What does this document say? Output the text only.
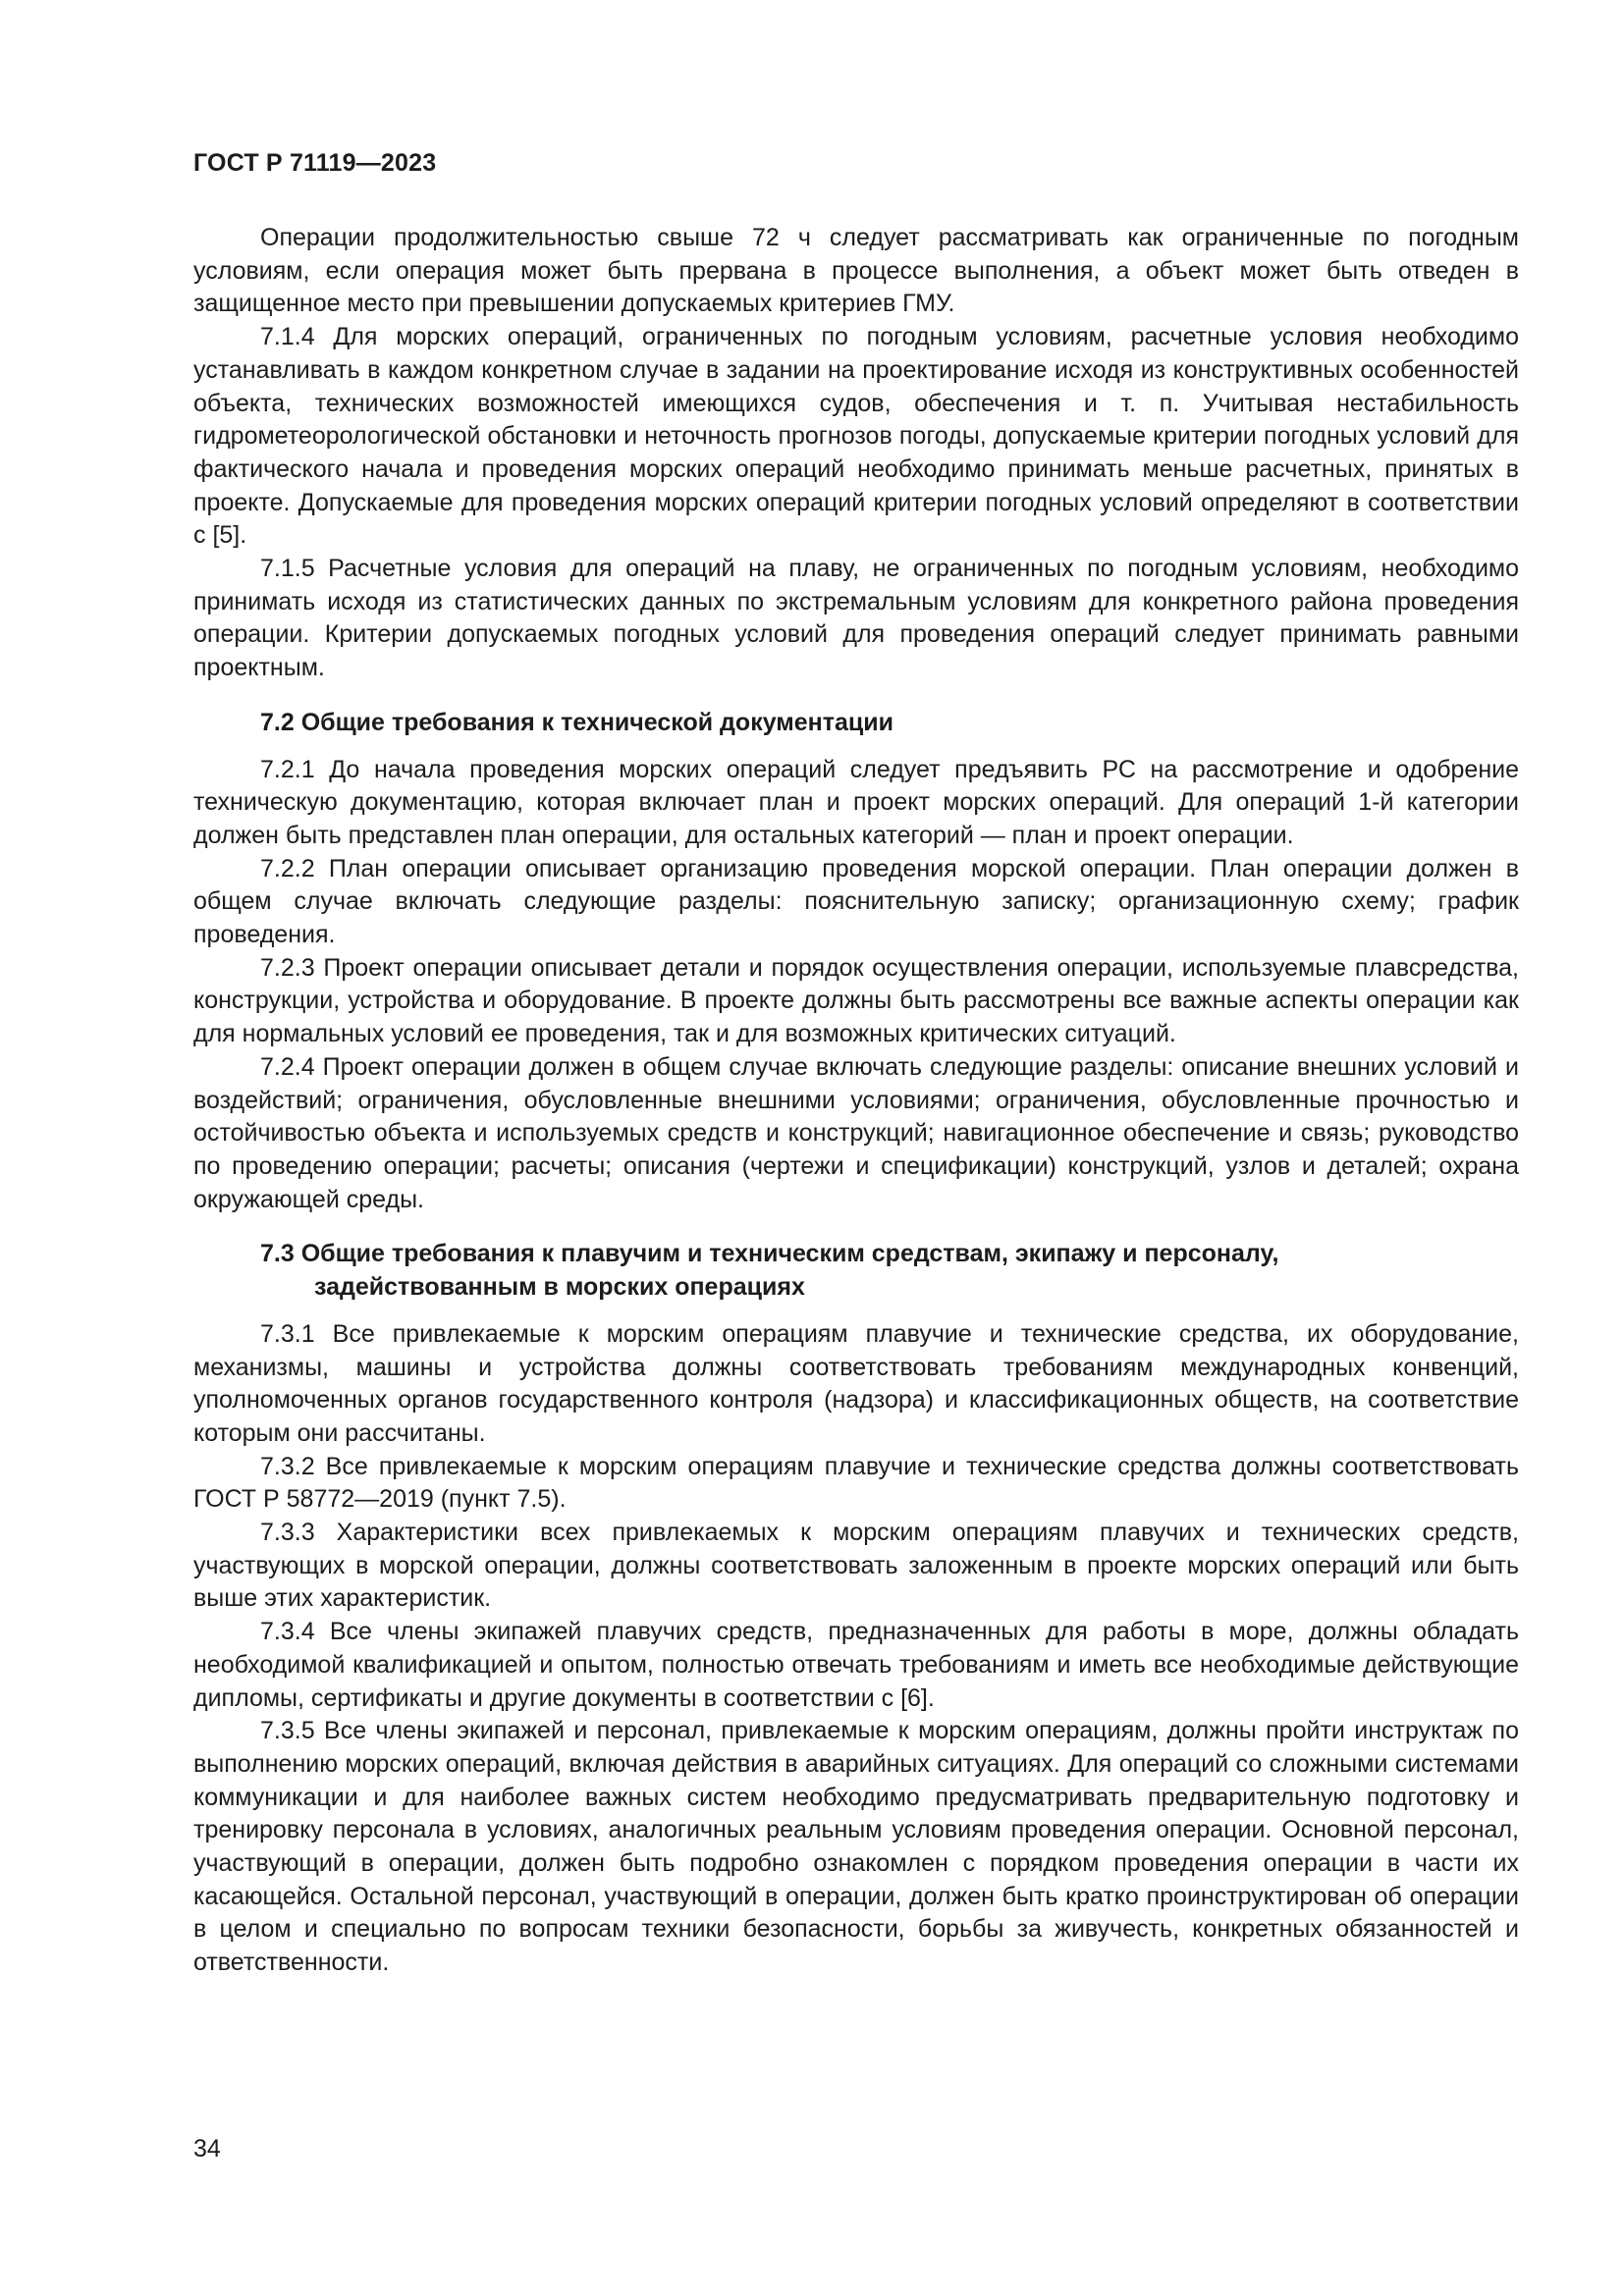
ГОСТ Р 71119—2023

Операции продолжительностью свыше 72 ч следует рассматривать как ограниченные по погодным условиям, если операция может быть прервана в процессе выполнения, а объект может быть отведен в защищенное место при превышении допускаемых критериев ГМУ.

7.1.4 Для морских операций, ограниченных по погодным условиям, расчетные условия необходимо устанавливать в каждом конкретном случае в задании на проектирование исходя из конструктивных особенностей объекта, технических возможностей имеющихся судов, обеспечения и т. п. Учитывая нестабильность гидрометеорологической обстановки и неточность прогнозов погоды, допускаемые критерии погодных условий для фактического начала и проведения морских операций необходимо принимать меньше расчетных, принятых в проекте. Допускаемые для проведения морских операций критерии погодных условий определяют в соответствии с [5].

7.1.5 Расчетные условия для операций на плаву, не ограниченных по погодным условиям, необходимо принимать исходя из статистических данных по экстремальным условиям для конкретного района проведения операции. Критерии допускаемых погодных условий для проведения операций следует принимать равными проектным.

7.2 Общие требования к технической документации

7.2.1 До начала проведения морских операций следует предъявить РС на рассмотрение и одобрение техническую документацию, которая включает план и проект морских операций. Для операций 1-й категории должен быть представлен план операции, для остальных категорий — план и проект операции.

7.2.2 План операции описывает организацию проведения морской операции. План операции должен в общем случае включать следующие разделы: пояснительную записку; организационную схему; график проведения.

7.2.3 Проект операции описывает детали и порядок осуществления операции, используемые плавсредства, конструкции, устройства и оборудование. В проекте должны быть рассмотрены все важные аспекты операции как для нормальных условий ее проведения, так и для возможных критических ситуаций.

7.2.4 Проект операции должен в общем случае включать следующие разделы: описание внешних условий и воздействий; ограничения, обусловленные внешними условиями; ограничения, обусловленные прочностью и остойчивостью объекта и используемых средств и конструкций; навигационное обеспечение и связь; руководство по проведению операции; расчеты; описания (чертежи и спецификации) конструкций, узлов и деталей; охрана окружающей среды.

7.3 Общие требования к плавучим и техническим средствам, экипажу и персоналу,
задействованным в морских операциях

7.3.1 Все привлекаемые к морским операциям плавучие и технические средства, их оборудование, механизмы, машины и устройства должны соответствовать требованиям международных конвенций, уполномоченных органов государственного контроля (надзора) и классификационных обществ, на соответствие которым они рассчитаны.

7.3.2 Все привлекаемые к морским операциям плавучие и технические средства должны соответствовать ГОСТ Р 58772—2019 (пункт 7.5).

7.3.3 Характеристики всех привлекаемых к морским операциям плавучих и технических средств, участвующих в морской операции, должны соответствовать заложенным в проекте морских операций или быть выше этих характеристик.

7.3.4 Все члены экипажей плавучих средств, предназначенных для работы в море, должны обладать необходимой квалификацией и опытом, полностью отвечать требованиям и иметь все необходимые действующие дипломы, сертификаты и другие документы в соответствии с [6].

7.3.5 Все члены экипажей и персонал, привлекаемые к морским операциям, должны пройти инструктаж по выполнению морских операций, включая действия в аварийных ситуациях. Для операций со сложными системами коммуникации и для наиболее важных систем необходимо предусматривать предварительную подготовку и тренировку персонала в условиях, аналогичных реальным условиям проведения операции. Основной персонал, участвующий в операции, должен быть подробно ознакомлен с порядком проведения операции в части их касающейся. Остальной персонал, участвующий в операции, должен быть кратко проинструктирован об операции в целом и специально по вопросам техники безопасности, борьбы за живучесть, конкретных обязанностей и ответственности.

34
